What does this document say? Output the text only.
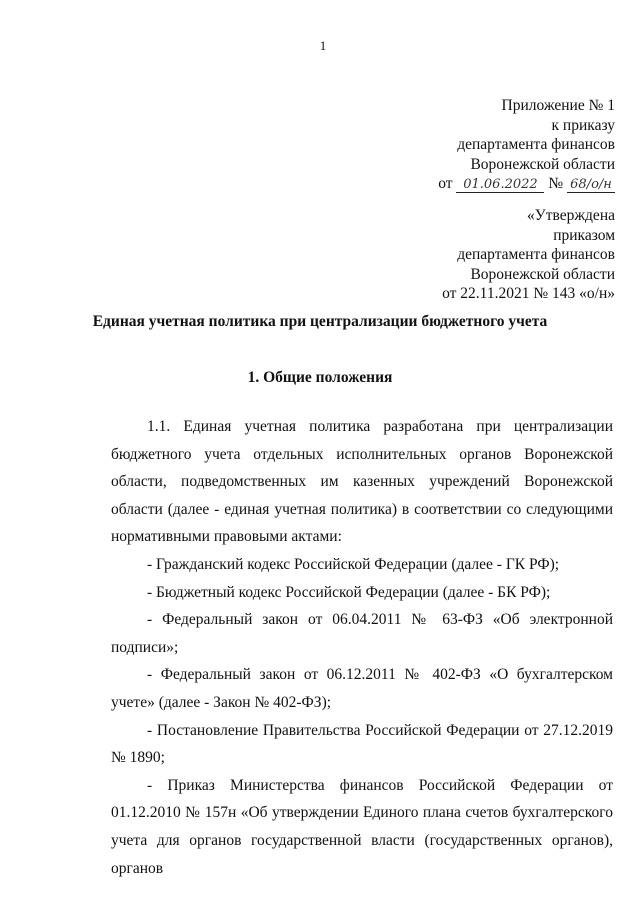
1
Приложение № 1
к приказу
департамента финансов
Воронежской области
от 01.06.2022 № 68/о/н
«Утверждена
приказом
департамента финансов
Воронежской области
от 22.11.2021 № 143 «о/н»
Единая учетная политика при централизации бюджетного учета
1. Общие положения

1.1. Единая учетная политика разработана при централизации бюджетного учета отдельных исполнительных органов Воронежской области, подведомственных им казенных учреждений Воронежской области (далее - единая учетная политика) в соответствии со следующими нормативными правовыми актами:

- Гражданский кодекс Российской Федерации (далее - ГК РФ);

- Бюджетный кодекс Российской Федерации (далее - БК РФ);

- Федеральный закон от 06.04.2011 № 63-ФЗ «Об электронной подписи»;

- Федеральный закон от 06.12.2011 № 402-ФЗ «О бухгалтерском учете» (далее - Закон № 402-ФЗ);

- Постановление Правительства Российской Федерации от 27.12.2019 № 1890;

- Приказ Министерства финансов Российской Федерации от 01.12.2010 № 157н «Об утверждении Единого плана счетов бухгалтерского учета для органов государственной власти (государственных органов), органов
